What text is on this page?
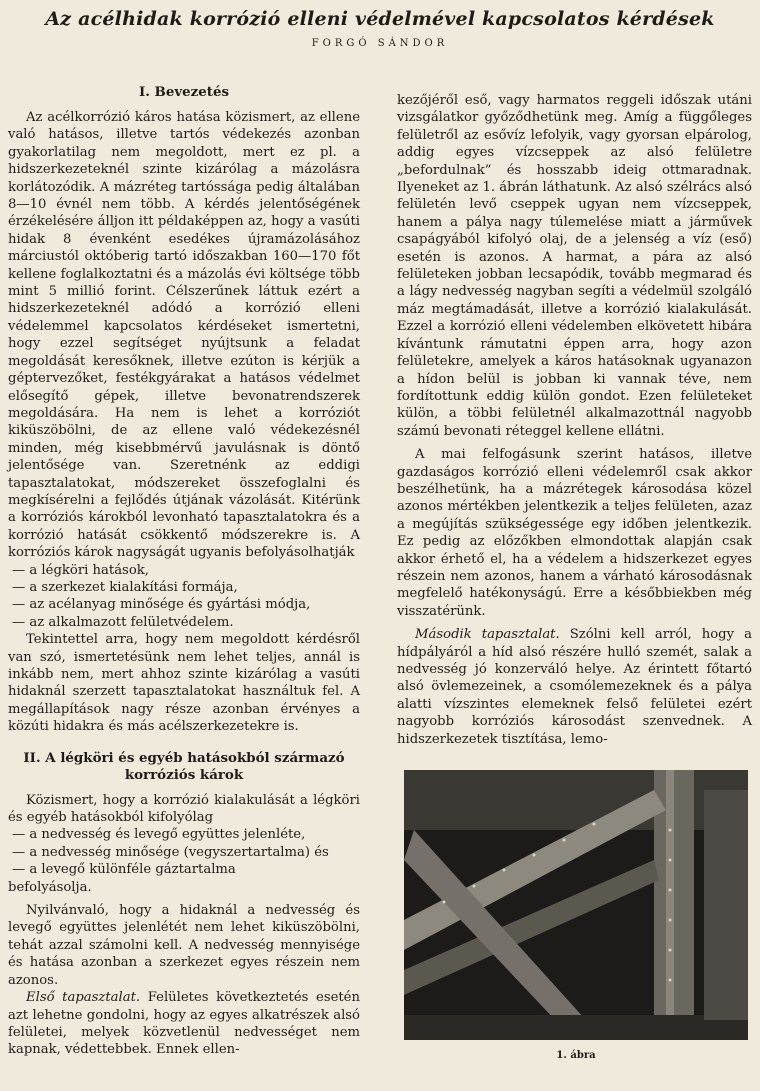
Az acélhidak korrózió elleni védelmével kapcsolatos kérdések
FORGÓ SÁNDOR
I. Bevezetés

Az acélkorrózió káros hatása közismert, az ellene való hatásos, illetve tartós védekezés azonban gyakorlatilag nem megoldott, mert ez pl. a hidszerkezeteknél szinte kizárólag a mázolásra korlátozódik. A mázréteg tartóssága pedig általában 8—10 évnél nem több. A kérdés jelentőségének érzékelésére álljon itt példaképpen az, hogy a vasúti hidak 8 évenként esedékes újramázolásához márciustól októberig tartó időszakban 160—170 főt kellene foglalkoztatni és a mázolás évi költsége több mint 5 millió forint. Célszerűnek láttuk ezért a hidszerkezeteknél adódó a korrózió elleni védelemmel kapcsolatos kérdéseket ismertetni, hogy ezzel segítséget nyújtsunk a feladat megoldását keresőknek, illetve ezúton is kérjük a géptervezőket, festékgyárakat a hatásos védelmet elősegítő gépek, illetve bevonatrendszerek megoldására. Ha nem is lehet a korróziót kiküszöbölni, de az ellene való védekezésnél minden, még kisebbmérvű javulásnak is döntő jelentősége van. Szeretnénk az eddigi tapasztalatokat, módszereket összefoglalni és megkísérelni a fejlődés útjának vázolását. Kitérünk a korróziós károkból levonható tapasztalatokra és a korrózió hatását csökkentő módszerekre is. A korróziós károk nagyságát ugyanis befolyásolhatják

— a légköri hatások,

— a szerkezet kialakítási formája,

— az acélanyag minősége és gyártási módja,

— az alkalmazott felületvédelem.

Tekintettel arra, hogy nem megoldott kérdésről van szó, ismertetésünk nem lehet teljes, annál is inkább nem, mert ahhoz szinte kizárólag a vasúti hidaknál szerzett tapasztalatokat használtuk fel. A megállapítások nagy része azonban érvényes a közúti hidakra és más acélszerkezetekre is.

II. A légköri és egyéb hatásokból származó korróziós károk

Közismert, hogy a korrózió kialakulását a légköri és egyéb hatásokból kifolyólag

— a nedvesség és levegő együttes jelenléte,

— a nedvesség minősége (vegyszertartalma) és

— a levegő különféle gáztartalma

befolyásolja.

Nyilvánvaló, hogy a hidaknál a nedvesség és levegő együttes jelenlétét nem lehet kiküszöbölni, tehát azzal számolni kell. A nedvesség mennyisége és hatása azonban a szerkezet egyes részein nem azonos.

Első tapasztalat. Felületes következtetés esetén azt lehetne gondolni, hogy az egyes alkatrészek alsó felületei, melyek közvetlenül nedvességet nem kapnak, védettebbek. Ennek ellen-

kezőjéről eső, vagy harmatos reggeli időszak utáni vizsgálatkor győződhetünk meg. Amíg a függőleges felületről az esővíz lefolyik, vagy gyorsan elpárolog, addig egyes vízcseppek az alsó felületre „befordulnak” és hosszabb ideig ottmaradnak. Ilyeneket az 1. ábrán láthatunk. Az alsó szélrács alsó felületén levő cseppek ugyan nem vízcseppek, hanem a pálya nagy túlemelése miatt a járművek csapágyából kifolyó olaj, de a jelenség a víz (eső) esetén is azonos. A harmat, a pára az alsó felületeken jobban lecsapódik, tovább megmarad és a lágy nedvesség nagyban segíti a védelmül szolgáló máz megtámadását, illetve a korrózió kialakulását. Ezzel a korrózió elleni védelemben elkövetett hibára kívántunk rámutatni éppen arra, hogy azon felületekre, amelyek a káros hatásoknak ugyanazon a hídon belül is jobban ki vannak téve, nem fordítottunk eddig külön gondot. Ezen felületeket külön, a többi felületnél alkalmazottnál nagyobb számú bevonati réteggel kellene ellátni.

A mai felfogásunk szerint hatásos, illetve gazdaságos korrózió elleni védelemről csak akkor beszélhetünk, ha a mázrétegek károsodása közel azonos mértékben jelentkezik a teljes felületen, azaz a megújítás szükségessége egy időben jelentkezik. Ez pedig az előzőkben elmondottak alapján csak akkor érhető el, ha a védelem a hidszerkezet egyes részein nem azonos, hanem a várható károsodásnak megfelelő hatékonyságú. Erre a későbbiekben még visszatérünk.

Második tapasztalat. Szólni kell arról, hogy a hídpályáról a híd alsó részére hulló szemét, salak a nedvesség jó konzerváló helye. Az érintett főtartó alsó övlemezeinek, a csomólemezeknek és a pálya alatti vízszintes elemeknek felső felületei ezért nagyobb korróziós károsodást szenvednek. A hidszerkezetek tisztítása, lemo-

1. ábra
